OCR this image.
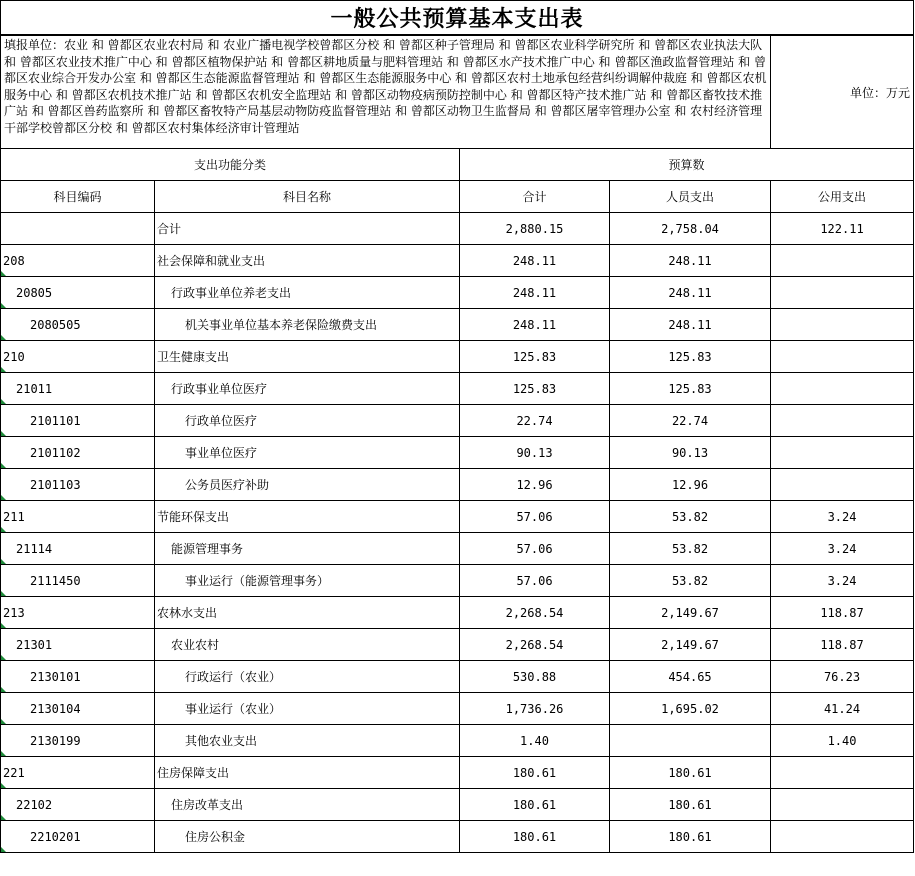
一般公共预算基本支出表				

填报单位：农业 和 曾都区农业农村局 和 农业广播电视学校曾都区分校 和 曾都区种子管理局 和 曾都区农业科学研究所 和 曾都区农业执法大队 和 曾都区农业技术推广中心 和 曾都区植物保护站 和 曾都区耕地质量与肥料管理站 和 曾都区水产技术推广中心 和 曾都区渔政监督管理站 和 曾都区农业综合开发办公室 和 曾都区生态能源监督管理站 和 曾都区生态能源服务中心 和 曾都区农村土地承包经营纠纷调解仲裁庭 和 曾都区农机服务中心 和 曾都区农机技术推广站 和 曾都区农机安全监理站 和 曾都区动物疫病预防控制中心 和 曾都区特产技术推广站 和 曾都区畜牧技术推广站 和 曾都区兽药监察所 和 曾都区畜牧特产局基层动物防疫监督管理站 和 曾都区动物卫生监督局 和 曾都区屠宰管理办公室 和 农村经济管理干部学校曾都区分校 和 曾都区农村集体经济审计管理站				单位：万元
支出功能分类		预算数		
科目编码	科目名称	合计	人员支出	公用支出
	合计	2,880.15	2,758.04	122.11

208	社会保障和就业支出	248.11	248.11	

20805	行政事业单位养老支出	248.11	248.11	

2080505	机关事业单位基本养老保险缴费支出	248.11	248.11	

210	卫生健康支出	125.83	125.83	

21011	行政事业单位医疗	125.83	125.83	

2101101	行政单位医疗	22.74	22.74	

2101102	事业单位医疗	90.13	90.13	

2101103	公务员医疗补助	12.96	12.96	

211	节能环保支出	57.06	53.82	3.24

21114	能源管理事务	57.06	53.82	3.24

2111450	事业运行（能源管理事务）	57.06	53.82	3.24

213	农林水支出	2,268.54	2,149.67	118.87

21301	农业农村	2,268.54	2,149.67	118.87

2130101	行政运行（农业）	530.88	454.65	76.23

2130104	事业运行（农业）	1,736.26	1,695.02	41.24

2130199	其他农业支出	1.40		1.40

221	住房保障支出	180.61	180.61	

22102	住房改革支出	180.61	180.61	

2210201	住房公积金	180.61	180.61	
